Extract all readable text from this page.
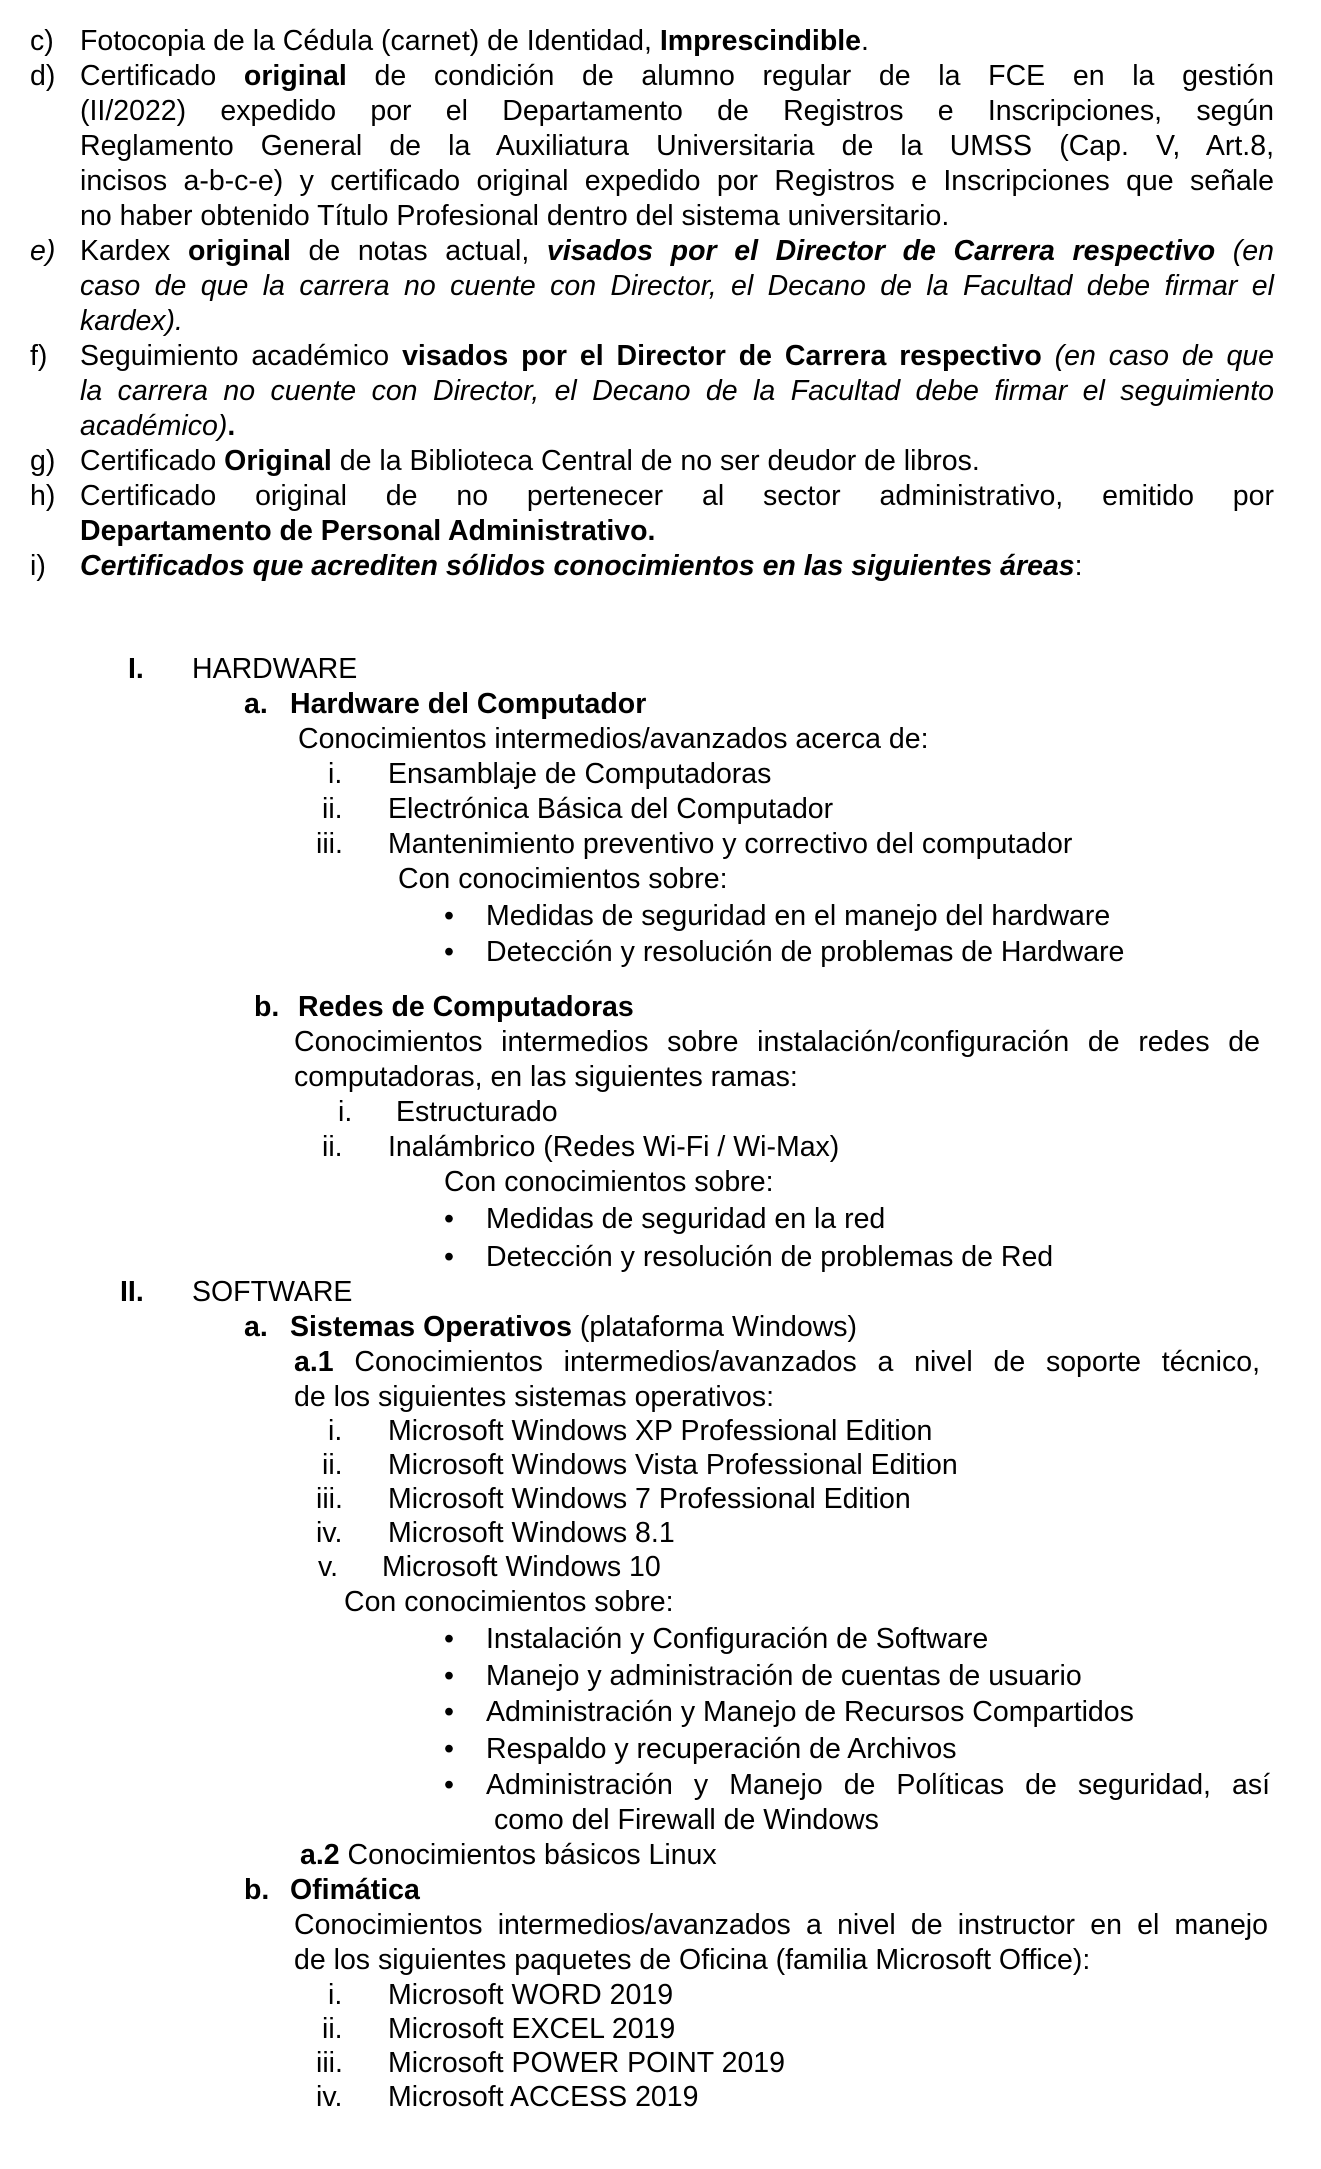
c) Fotocopia de la Cédula (carnet) de Identidad, Imprescindible.
d) Certificado original de condición de alumno regular de la FCE en la gestión
(II/2022) expedido por el Departamento de Registros e Inscripciones, según
Reglamento General de la Auxiliatura Universitaria de la UMSS (Cap. V, Art.8,
incisos a-b-c-e) y certificado original expedido por Registros e Inscripciones que señale
no haber obtenido Título Profesional dentro del sistema universitario.
e) Kardex original de notas actual, visados por el Director de Carrera respectivo (en
caso de que la carrera no cuente con Director, el Decano de la Facultad debe firmar el
kardex).
f) Seguimiento académico visados por el Director de Carrera respectivo (en caso de que
la carrera no cuente con Director, el Decano de la Facultad debe firmar el seguimiento
académico).
g) Certificado Original de la Biblioteca Central de no ser deudor de libros.
h) Certificado original de no pertenecer al sector administrativo, emitido por
Departamento de Personal Administrativo.
i) Certificados que acrediten sólidos conocimientos en las siguientes áreas:
I. HARDWARE
a. Hardware del Computador
Conocimientos intermedios/avanzados acerca de:
i. Ensamblaje de Computadoras
ii. Electrónica Básica del Computador
iii. Mantenimiento preventivo y correctivo del computador
Con conocimientos sobre:
•
Medidas de seguridad en el manejo del hardware
•
Detección y resolución de problemas de Hardware
b. Redes de Computadoras
Conocimientos intermedios sobre instalación/configuración de redes de
computadoras, en las siguientes ramas:
i. Estructurado
ii. Inalámbrico (Redes Wi-Fi / Wi-Max)
Con conocimientos sobre:
•
Medidas de seguridad en la red
•
Detección y resolución de problemas de Red
II. SOFTWARE
a. Sistemas Operativos (plataforma Windows)
a.1 Conocimientos intermedios/avanzados a nivel de soporte técnico,
de los siguientes sistemas operativos:
i. Microsoft Windows XP Professional Edition
ii. Microsoft Windows Vista Professional Edition
iii. Microsoft Windows 7 Professional Edition
iv. Microsoft Windows 8.1
v. Microsoft Windows 10
Con conocimientos sobre:
•
Instalación y Configuración de Software
•
Manejo y administración de cuentas de usuario
•
Administración y Manejo de Recursos Compartidos
•
Respaldo y recuperación de Archivos
•
Administración y Manejo de Políticas de seguridad, así
como del Firewall de Windows
a.2 Conocimientos básicos Linux
b. Ofimática
Conocimientos intermedios/avanzados a nivel de instructor en el manejo
de los siguientes paquetes de Oficina (familia Microsoft Office):
i. Microsoft WORD 2019
ii. Microsoft EXCEL 2019
iii. Microsoft POWER POINT 2019
iv. Microsoft ACCESS 2019
